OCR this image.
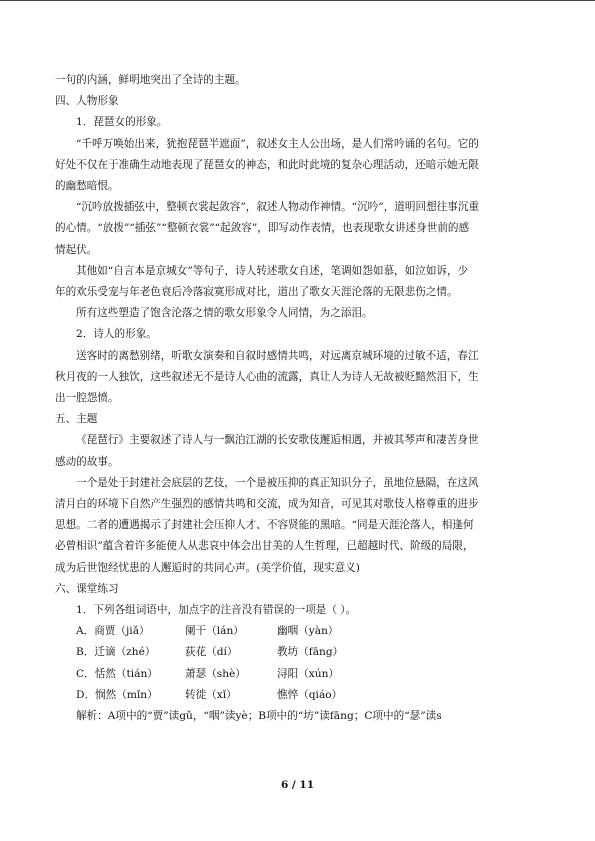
一句的内涵，鲜明地突出了全诗的主题。

四、人物形象

1．琵琶女的形象。

“千呼万唤始出来，犹抱琵琶半遮面”，叙述女主人公出场，是人们常吟诵的名句。它的

好处不仅在于准确生动地表现了琵琶女的神态，和此时此境的复杂心理活动，还暗示她无限

的幽愁暗恨。

“沉吟放拨插弦中，整顿衣裳起敛容”，叙述人物动作神情。“沉吟”，道明回想往事沉重

的心情。“放拨”“插弦”“整顿衣裳”“起敛容”，即写动作表情，也表现歌女讲述身世前的感

情起伏。

其他如“自言本是京城女”等句子，诗人转述歌女自述，笔调如怨如慕，如泣如诉，少

年的欢乐受宠与年老色衰后冷落寂寞形成对比，道出了歌女天涯沦落的无限悲伤之情。

所有这些塑造了饱含沦落之情的歌女形象令人同情，为之添泪。

2．诗人的形象。

送客时的离愁别绪，听歌女演奏和自叙时感情共鸣，对远离京城环境的过敏不适，春江

秋月夜的一人独饮，这些叙述无不是诗人心曲的流露，真让人为诗人无故被贬黯然泪下，生

出一腔怨愤。

五、主题

《琵琶行》主要叙述了诗人与一飘泊江湖的长安歌伎邂逅相遇，并被其琴声和凄苦身世

感动的故事。

一个是处于封建社会底层的艺伎，一个是被压抑的真正知识分子，虽地位悬隔，在这风

清月白的环境下自然产生强烈的感情共鸣和交流，成为知音，可见其对歌伎人格尊重的进步

思想。二者的遭遇揭示了封建社会压抑人才、不容贤能的黑暗。“同是天涯沦落人，相逢何

必曾相识”蕴含着许多能使人从悲哀中体会出甘美的人生哲理，已超越时代、阶级的局限，

成为后世饱经忧患的人邂逅时的共同心声。(美学价值，现实意义)

六、课堂练习

1．下列各组词语中，加点字的注音没有错误的一项是（ ）。

A．商贾（jiǎ）	阑干（lán）	幽咽（yàn）
B．迁谪（zhé）	荻花（dí）	教坊（fāng）
C．恬然（tián）	萧瑟（shè）	浔阳（xún）
D．悯然（mǐn）	转徙（xǐ）	憔悴（qiáo）

解析：A项中的“贾”读gǔ，“咽”读yè；B项中的“坊”读fāng；C项中的“瑟”读s

6 / 11
